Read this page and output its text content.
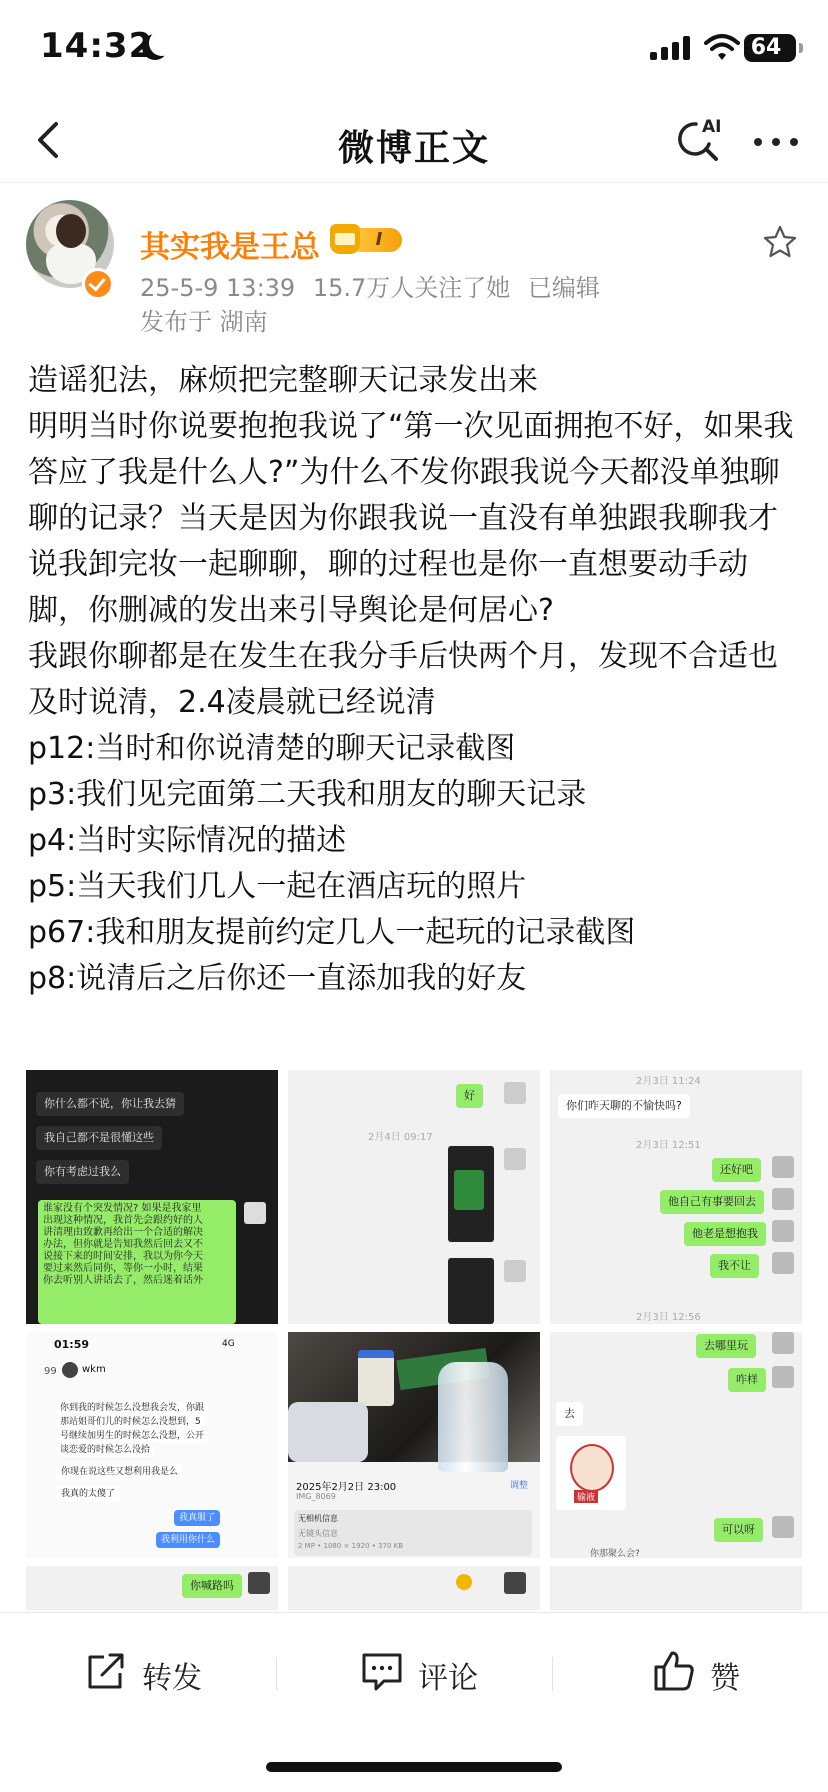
14:32	64
微博正文
AI
其实我是王总	I
25-5-9 13:39 15.7万人关注了她 已编辑
发布于 湖南

造谣犯法，麻烦把完整聊天记录发出来

明明当时你说要抱抱我说了“第一次见面拥抱不好，如果我答应了我是什么人?”为什么不发你跟我说今天都没单独聊聊的记录？当天是因为你跟我说一直没有单独跟我聊我才说我卸完妆一起聊聊，聊的过程也是你一直想要动手动脚，你删减的发出来引导舆论是何居心?

我跟你聊都是在发生在我分手后快两个月，发现不合适也及时说清，2.4凌晨就已经说清

p12:当时和你说清楚的聊天记录截图

p3:我们见完面第二天我和朋友的聊天记录

p4:当时实际情况的描述

p5:当天我们几人一起在酒店玩的照片

p67:我和朋友提前约定几人一起玩的记录截图

p8:说清后之后你还一直添加我的好友

你什么都不说，你让我去猜
我自己都不是很懂这些
你有考虑过我么
谁家没有个突发情况? 如果是我家里
出现这种情况，我首先会跟约好的人
讲清理由致歉再给出一个合适的解决
办法，但你就是告知我然后回去又不
说接下来的时间安排，我以为你今天
要过来然后同你，等你一小时，结果
你去听别人讲话去了，然后迷着话外
好
2月4日 09:17
2月3日 11:24
你们昨天聊的不愉快吗?
2月3日 12:51
还好吧
他自己有事要回去
他老是想抱我
我不让
2月3日 12:56
01:59	4G
99	wkm
你到我的时候怎么没想我会发，你跟
那站姐哥们儿的时候怎么没想到，5
号继续加男生的时候怎么没想，公开
谈恋爱的时候怎么没拾
你现在说这些又想利用我是么
我真的太傻了
我真服了
我利用你什么
2025年2月2日 23:00	调整
IMG_8069
无相机信息
无镜头信息
2 MP • 1080 × 1920 • 370 KB
去哪里玩
咋样
去
输液
可以呀
你那聚么会?
你喊路吗
转发	评论	赞
